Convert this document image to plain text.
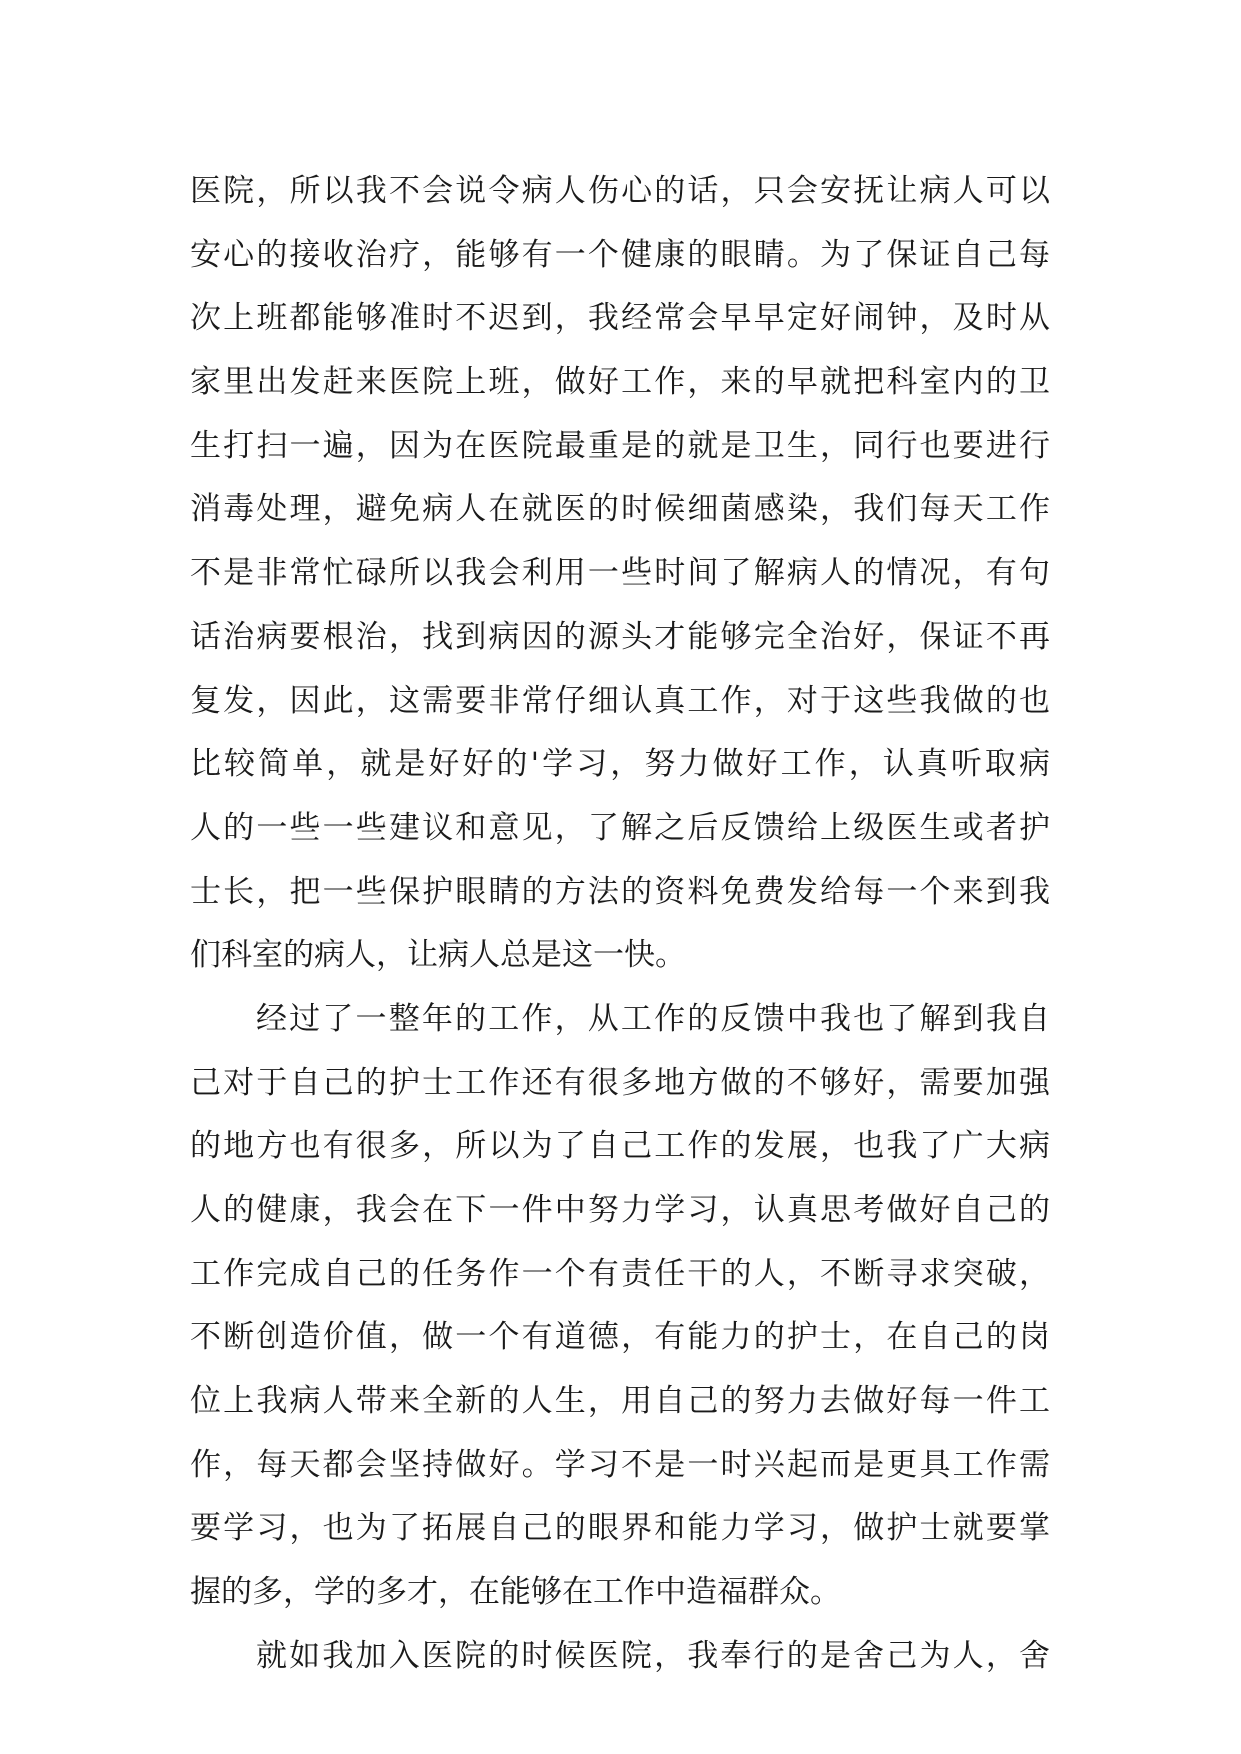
医院，所以我不会说令病人伤心的话，只会安抚让病人可以
安心的接收治疗，能够有一个健康的眼睛。为了保证自己每
次上班都能够准时不迟到，我经常会早早定好闹钟，及时从
家里出发赶来医院上班，做好工作，来的早就把科室内的卫
生打扫一遍，因为在医院最重是的就是卫生，同行也要进行
消毒处理，避免病人在就医的时候细菌感染，我们每天工作
不是非常忙碌所以我会利用一些时间了解病人的情况，有句
话治病要根治，找到病因的源头才能够完全治好，保证不再
复发，因此，这需要非常仔细认真工作，对于这些我做的也
比较简单，就是好好的'学习，努力做好工作，认真听取病
人的一些一些建议和意见，了解之后反馈给上级医生或者护
士长，把一些保护眼睛的方法的资料免费发给每一个来到我
们科室的病人，让病人总是这一快。
经过了一整年的工作，从工作的反馈中我也了解到我自
己对于自己的护士工作还有很多地方做的不够好，需要加强
的地方也有很多，所以为了自己工作的发展，也我了广大病
人的健康，我会在下一件中努力学习，认真思考做好自己的
工作完成自己的任务作一个有责任干的人，不断寻求突破，
不断创造价值，做一个有道德，有能力的护士，在自己的岗
位上我病人带来全新的人生，用自己的努力去做好每一件工
作，每天都会坚持做好。学习不是一时兴起而是更具工作需
要学习，也为了拓展自己的眼界和能力学习，做护士就要掌
握的多，学的多才，在能够在工作中造福群众。
就如我加入医院的时候医院，我奉行的是舍己为人，舍
